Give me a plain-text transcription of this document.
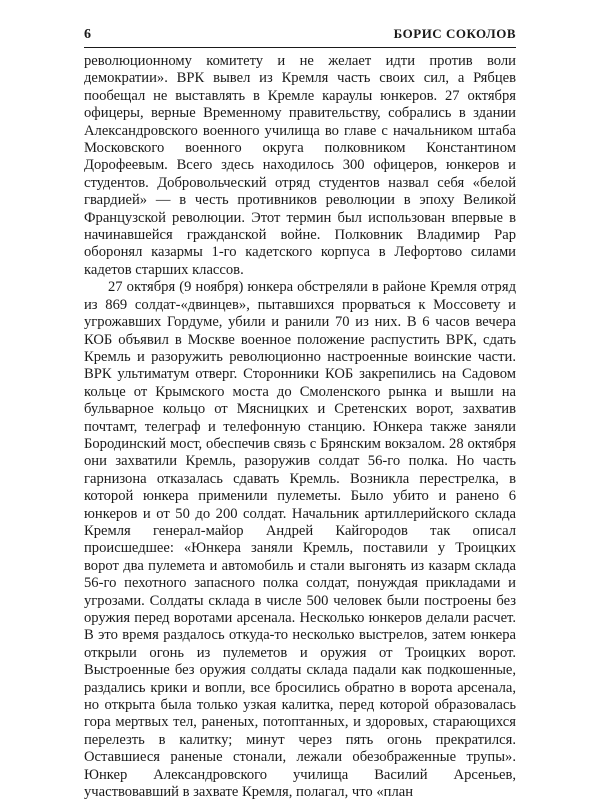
6	БОРИС СОКОЛОВ

революционному комитету и не желает идти против воли демократии». ВРК вывел из Кремля часть своих сил, а Рябцев пообещал не выставлять в Кремле караулы юнкеров. 27 октября офицеры, верные Временному правительству, собрались в здании Александровского военного училища во главе с начальником штаба Московского военного округа полковником Константином Дорофеевым. Всего здесь находилось 300 офицеров, юнкеров и студентов. Добровольческий отряд студентов назвал себя «белой гвардией» — в честь противников революции в эпоху Великой Французской революции. Этот термин был использован впервые в начинавшейся гражданской войне. Полковник Владимир Рар оборонял казармы 1-го кадетского корпуса в Лефортово силами кадетов старших классов.

27 октября (9 ноября) юнкера обстреляли в районе Кремля отряд из 869 солдат-«двинцев», пытавшихся прорваться к Моссовету и угрожавших Гордуме, убили и ранили 70 из них. В 6 часов вечера КОБ объявил в Москве военное положение распустить ВРК, сдать Кремль и разоружить революционно настроенные воинские части. ВРК ультиматум отверг. Сторонники КОБ закрепились на Садовом кольце от Крымского моста до Смоленского рынка и вышли на бульварное кольцо от Мясницких и Сретенских ворот, захватив почтамт, телеграф и телефонную станцию. Юнкера также заняли Бородинский мост, обеспечив связь с Брянским вокзалом. 28 октября они захватили Кремль, разоружив солдат 56-го полка. Но часть гарнизона отказалась сдавать Кремль. Возникла перестрелка, в которой юнкера применили пулеметы. Было убито и ранено 6 юнкеров и от 50 до 200 солдат. Начальник артиллерийского склада Кремля генерал-майор Андрей Кайгородов так описал происшедшее: «Юнкера заняли Кремль, поставили у Троицких ворот два пулемета и автомобиль и стали выгонять из казарм склада 56-го пехотного запасного полка солдат, понуждая прикладами и угрозами. Солдаты склада в числе 500 человек были построены без оружия перед воротами арсенала. Несколько юнкеров делали расчет. В это время раздалось откуда-то несколько выстрелов, затем юнкера открыли огонь из пулеметов и оружия от Троицких ворот. Выстроенные без оружия солдаты склада падали как подкошенные, раздались крики и вопли, все бросились обратно в ворота арсенала, но открыта была только узкая калитка, перед которой образовалась гора мертвых тел, раненых, потоптанных, и здоровых, старающихся перелезть в калитку; минут через пять огонь прекратился. Оставшиеся раненые стонали, лежали обезображенные трупы». Юнкер Александровского училища Василий Арсеньев, участвовавший в захвате Кремля, полагал, что «план
